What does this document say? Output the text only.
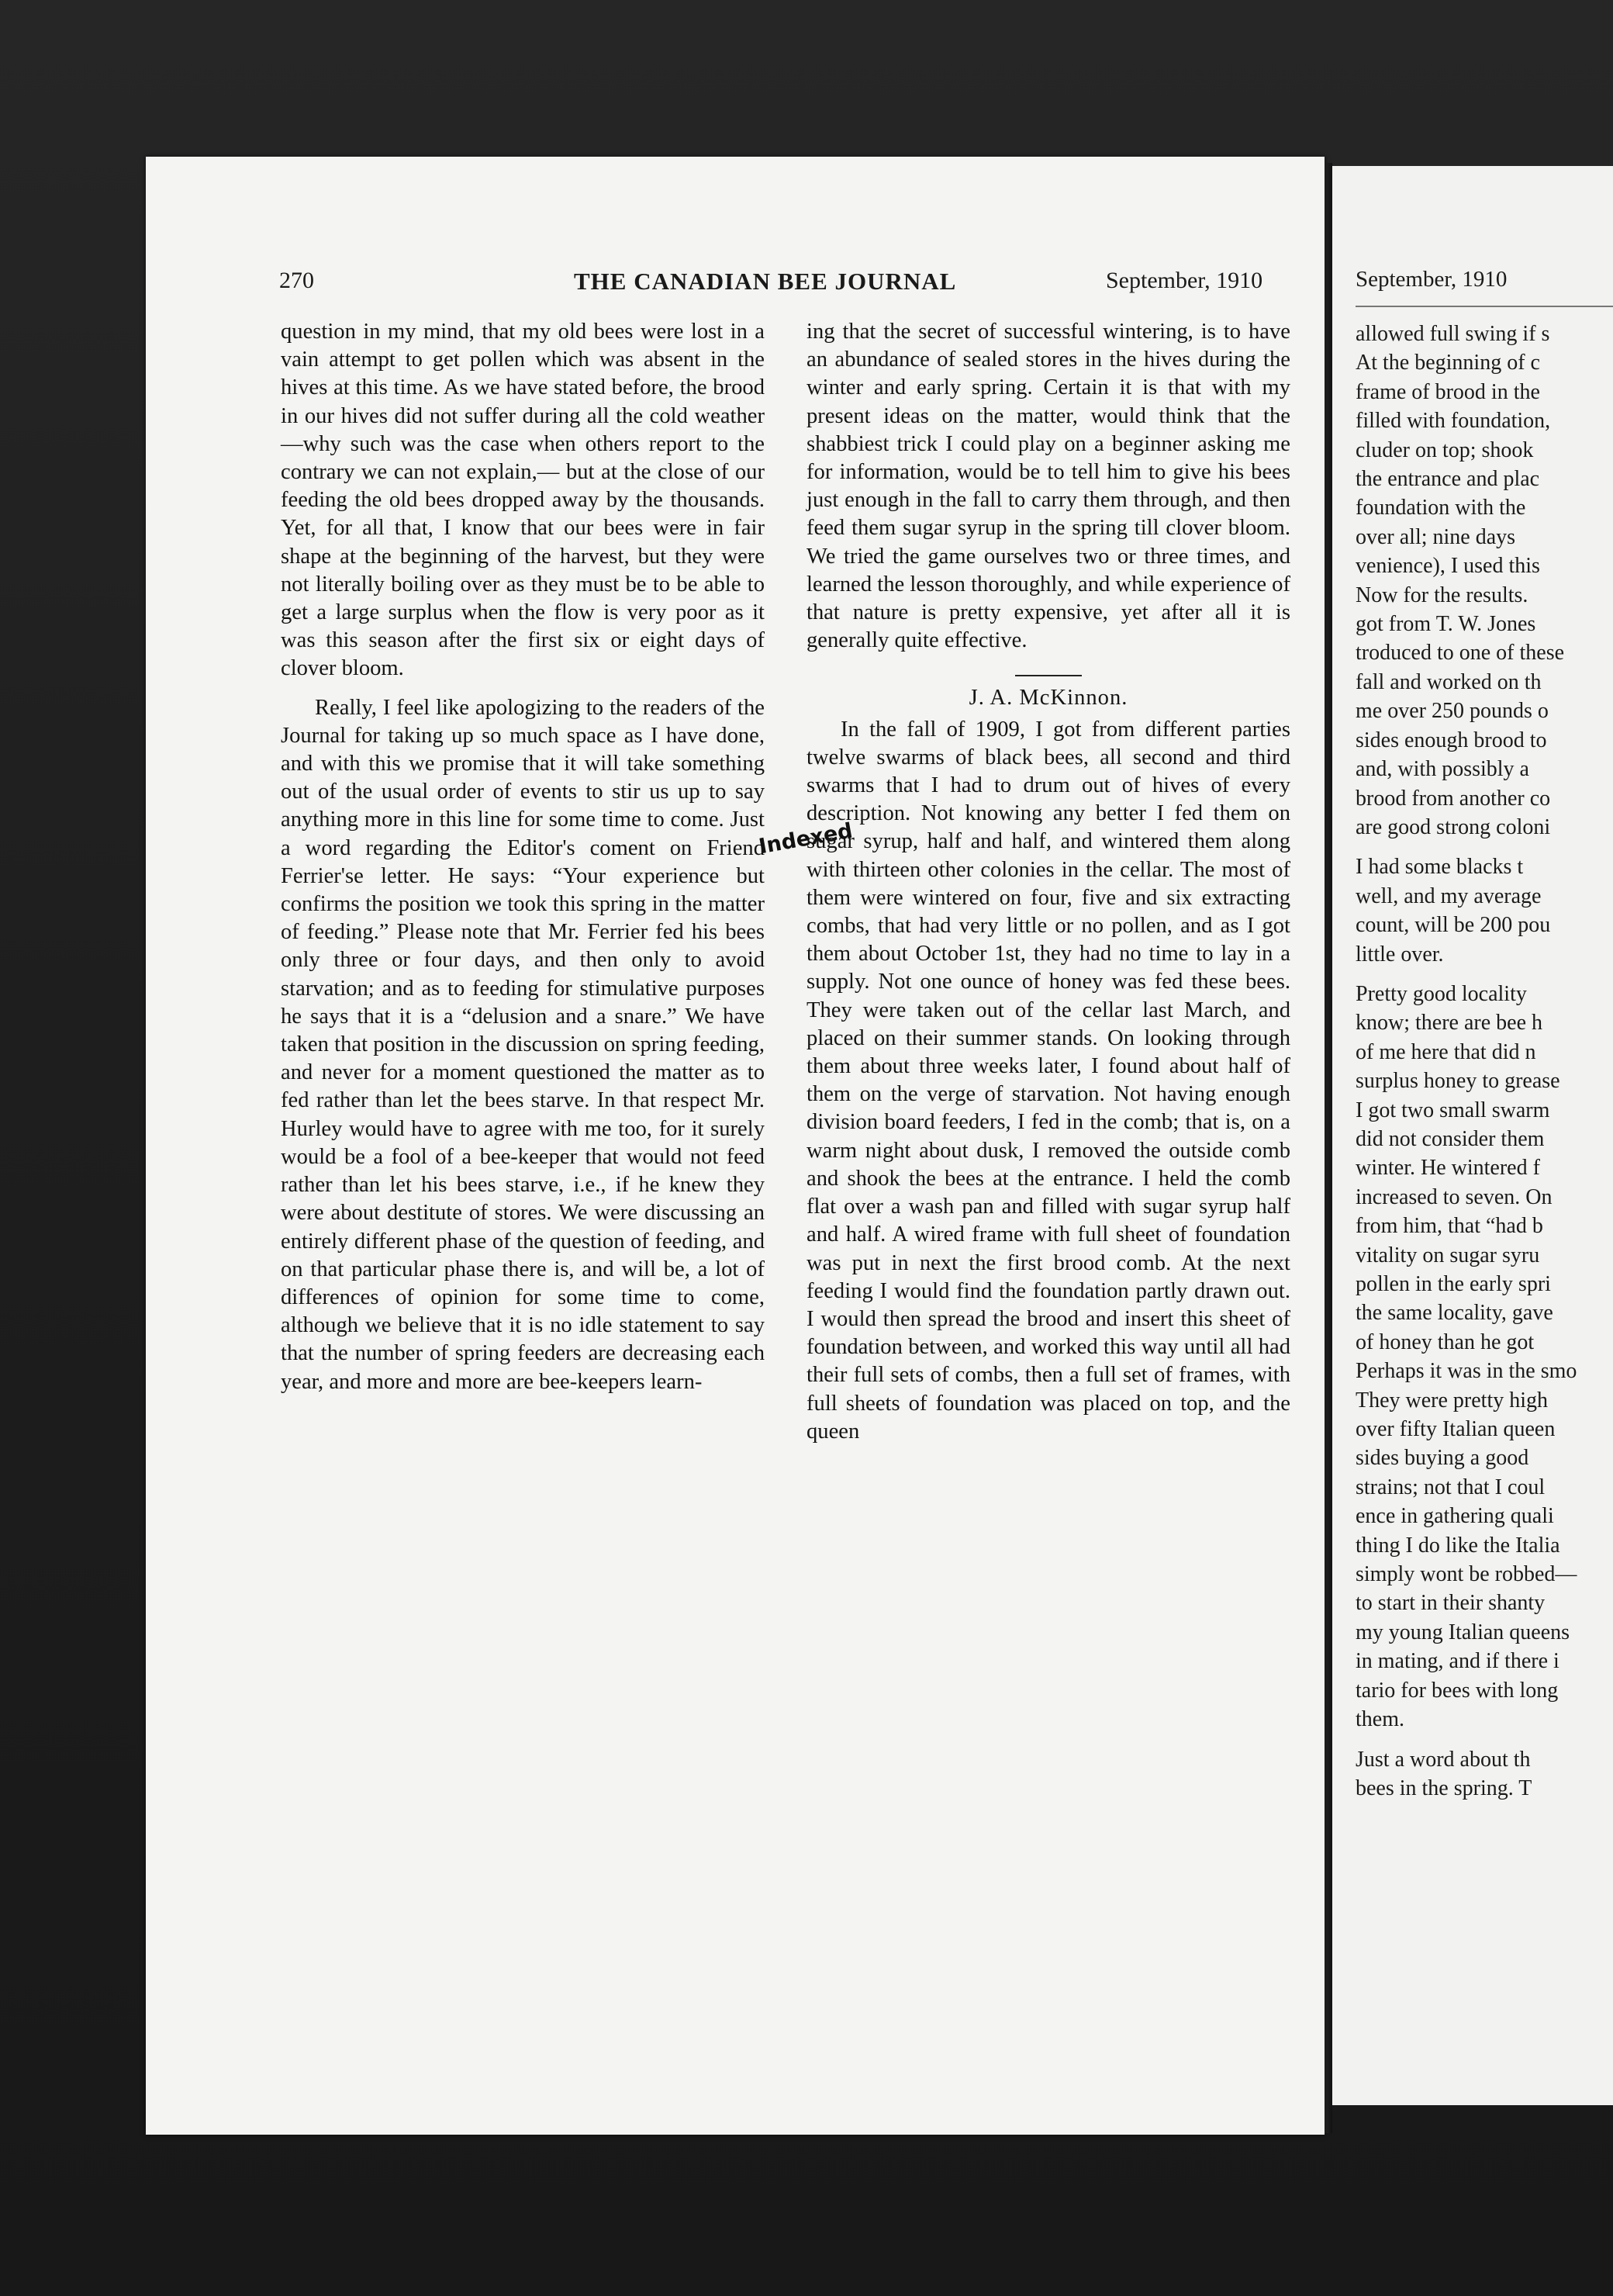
270	THE CANADIAN BEE JOURNAL	September, 1910

question in my mind, that my old bees were lost in a vain attempt to get pollen which was absent in the hives at this time. As we have stated before, the brood in our hives did not suffer during all the cold weather—why such was the case when others report to the contrary we can not explain,— but at the close of our feeding the old bees dropped away by the thousands. Yet, for all that, I know that our bees were in fair shape at the beginning of the harvest, but they were not literally boiling over as they must be to be able to get a large surplus when the flow is very poor as it was this season after the first six or eight days of clover bloom.

Really, I feel like apologizing to the readers of the Journal for taking up so much space as I have done, and with this we promise that it will take something out of the usual order of events to stir us up to say anything more in this line for some time to come. Just a word regarding the Editor's coment on Friend Ferrier'se letter. He says: “Your experience but confirms the position we took this spring in the matter of feeding.” Please note that Mr. Ferrier fed his bees only three or four days, and then only to avoid starvation; and as to feeding for stimulative purposes he says that it is a “delusion and a snare.” We have taken that position in the discussion on spring feeding, and never for a moment questioned the matter as to fed rather than let the bees starve. In that respect Mr. Hurley would have to agree with me too, for it surely would be a fool of a bee-keeper that would not feed rather than let his bees starve, i.e., if he knew they were about destitute of stores. We were discussing an entirely different phase of the question of feeding, and on that particular phase there is, and will be, a lot of differences of opinion for some time to come, although we believe that it is no idle statement to say that the number of spring feeders are decreasing each year, and more and more are bee-keepers learn-

Indexed

ing that the secret of successful wintering, is to have an abundance of sealed stores in the hives during the winter and early spring. Certain it is that with my present ideas on the matter, would think that the shabbiest trick I could play on a beginner asking me for information, would be to tell him to give his bees just enough in the fall to carry them through, and then feed them sugar syrup in the spring till clover bloom. We tried the game ourselves two or three times, and learned the lesson thoroughly, and while experience of that nature is pretty expensive, yet after all it is generally quite effective.

J. A. McKinnon.

In the fall of 1909, I got from different parties twelve swarms of black bees, all second and third swarms that I had to drum out of hives of every description. Not knowing any better I fed them on sugar syrup, half and half, and wintered them along with thirteen other colonies in the cellar. The most of them were wintered on four, five and six extracting combs, that had very little or no pollen, and as I got them about October 1st, they had no time to lay in a supply. Not one ounce of honey was fed these bees. They were taken out of the cellar last March, and placed on their summer stands. On looking through them about three weeks later, I found about half of them on the verge of starvation. Not having enough division board feeders, I fed in the comb; that is, on a warm night about dusk, I removed the outside comb and shook the bees at the entrance. I held the comb flat over a wash pan and filled with sugar syrup half and half. A wired frame with full sheet of foundation was put in next the first brood comb. At the next feeding I would find the foundation partly drawn out. I would then spread the brood and insert this sheet of foundation between, and worked this way until all had their full sets of combs, then a full set of frames, with full sheets of foundation was placed on top, and the queen

September, 1910

allowed full swing if s
At the beginning of c
frame of brood in the
filled with foundation,
cluder on top; shook
the entrance and plac
foundation with the
over all; nine days
venience), I used this
Now for the results.
got from T. W. Jones
troduced to one of these
fall and worked on th
me over 250 pounds o
sides enough brood to
and, with possibly a
brood from another co
are good strong coloni

I had some blacks t
well, and my average
count, will be 200 pou
little over.

Pretty good locality
know; there are bee h
of me here that did n
surplus honey to grease
I got two small swarm
did not consider them
winter. He wintered f
increased to seven. On
from him, that “had b
vitality on sugar syru
pollen in the early spri
the same locality, gave
of honey than he got
Perhaps it was in the smo
They were pretty high
over fifty Italian queen
sides buying a good
strains; not that I coul
ence in gathering quali
thing I do like the Italia
simply wont be robbed—
to start in their shanty
my young Italian queens
in mating, and if there i
tario for bees with long
them.

Just a word about th
bees in the spring. T
